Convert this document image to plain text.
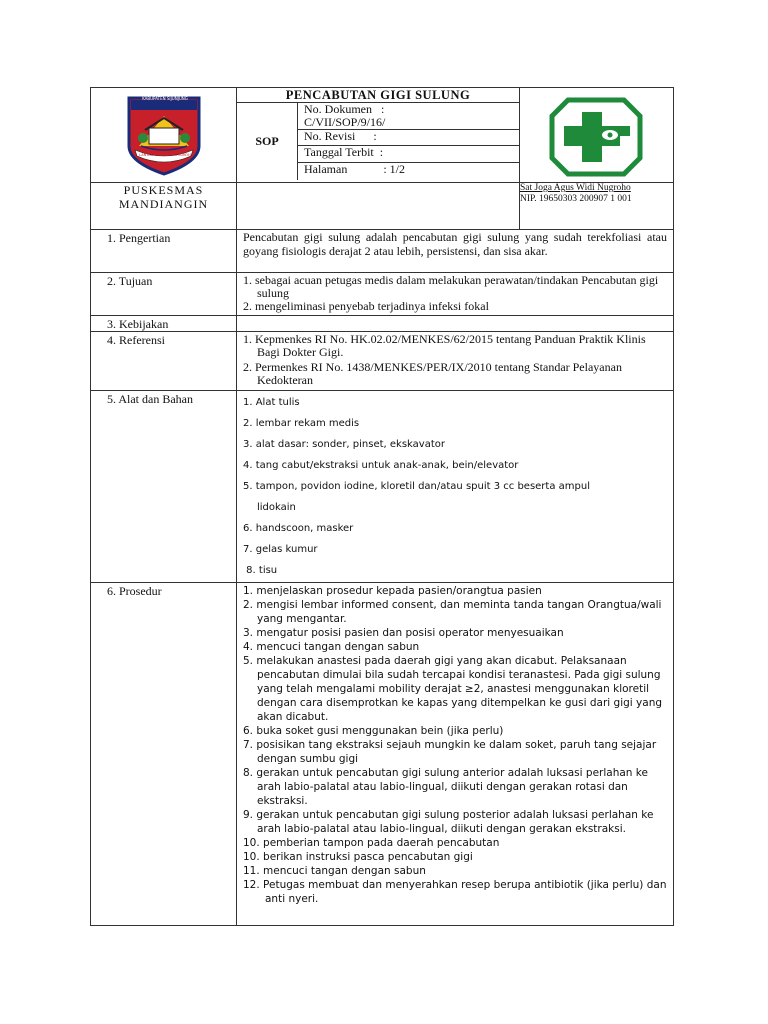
KABUPATEN SIJUNJUNG
LANTAK TIGO SUPAYO KOKOH

PENCABUTAN GIGI SULUNG
SOP	No. Dokumen   :
C/VII/SOP/9/16/
No. Revisi      :
Tanggal Terbit  :
Halaman            : 1/2

PUSKESMAS
MANDIANGIN

Sat Joga Agus Widi Nugroho
NIP. 19650303 200907 1 001

1. Pengertian	Pencabutan gigi sulung adalah pencabutan gigi sulung yang sudah terekfoliasi atau goyang fisiologis derajat 2 atau lebih, persistensi, dan sisa akar.
2. Tujuan	1. sebagai acuan petugas medis dalam melakukan perawatan/tindakan Pencabutan gigi sulung
2. mengeliminasi penyebab terjadinya infeksi fokal

3. Kebijakan	
4. Referensi	1. Kepmenkes RI No. HK.02.02/MENKES/62/2015 tentang Panduan Praktik Klinis Bagi Dokter Gigi.
2. Permenkes RI No. 1438/MENKES/PER/IX/2010 tentang Standar Pelayanan Kedokteran

5. Alat dan Bahan	1. Alat tulis
2. lembar rekam medis
3. alat dasar: sonder, pinset, ekskavator
4. tang cabut/ekstraksi untuk anak-anak, bein/elevator
5. tampon, povidon iodine, kloretil dan/atau spuit 3 cc beserta ampul
lidokain
6. handscoon, masker
7. gelas kumur
8. tisu

6. Prosedur	1. menjelaskan prosedur kepada pasien/orangtua pasien
2. mengisi lembar informed consent, dan meminta tanda tangan Orangtua/wali yang mengantar.
3. mengatur posisi pasien dan posisi operator menyesuaikan
4. mencuci tangan dengan sabun
5. melakukan anastesi pada daerah gigi yang akan dicabut. Pelaksanaan pencabutan dimulai bila sudah tercapai kondisi teranastesi. Pada gigi sulung yang telah mengalami mobility derajat ≥2, anastesi menggunakan kloretil dengan cara disemprotkan ke kapas yang ditempelkan ke gusi dari gigi yang akan dicabut.
6. buka soket gusi menggunakan bein (jika perlu)
7. posisikan tang ekstraksi sejauh mungkin ke dalam soket, paruh tang sejajar dengan sumbu gigi
8. gerakan untuk pencabutan gigi sulung anterior adalah luksasi perlahan ke arah labio-palatal atau labio-lingual, diikuti dengan gerakan rotasi dan ekstraksi.
9. gerakan untuk pencabutan gigi sulung posterior adalah luksasi perlahan ke arah labio-palatal atau labio-lingual, diikuti dengan gerakan ekstraksi.
10. pemberian tampon pada daerah pencabutan
10. berikan instruksi pasca pencabutan gigi
11. mencuci tangan dengan sabun
12. Petugas membuat dan menyerahkan resep berupa antibiotik (jika perlu) dan anti nyeri.
